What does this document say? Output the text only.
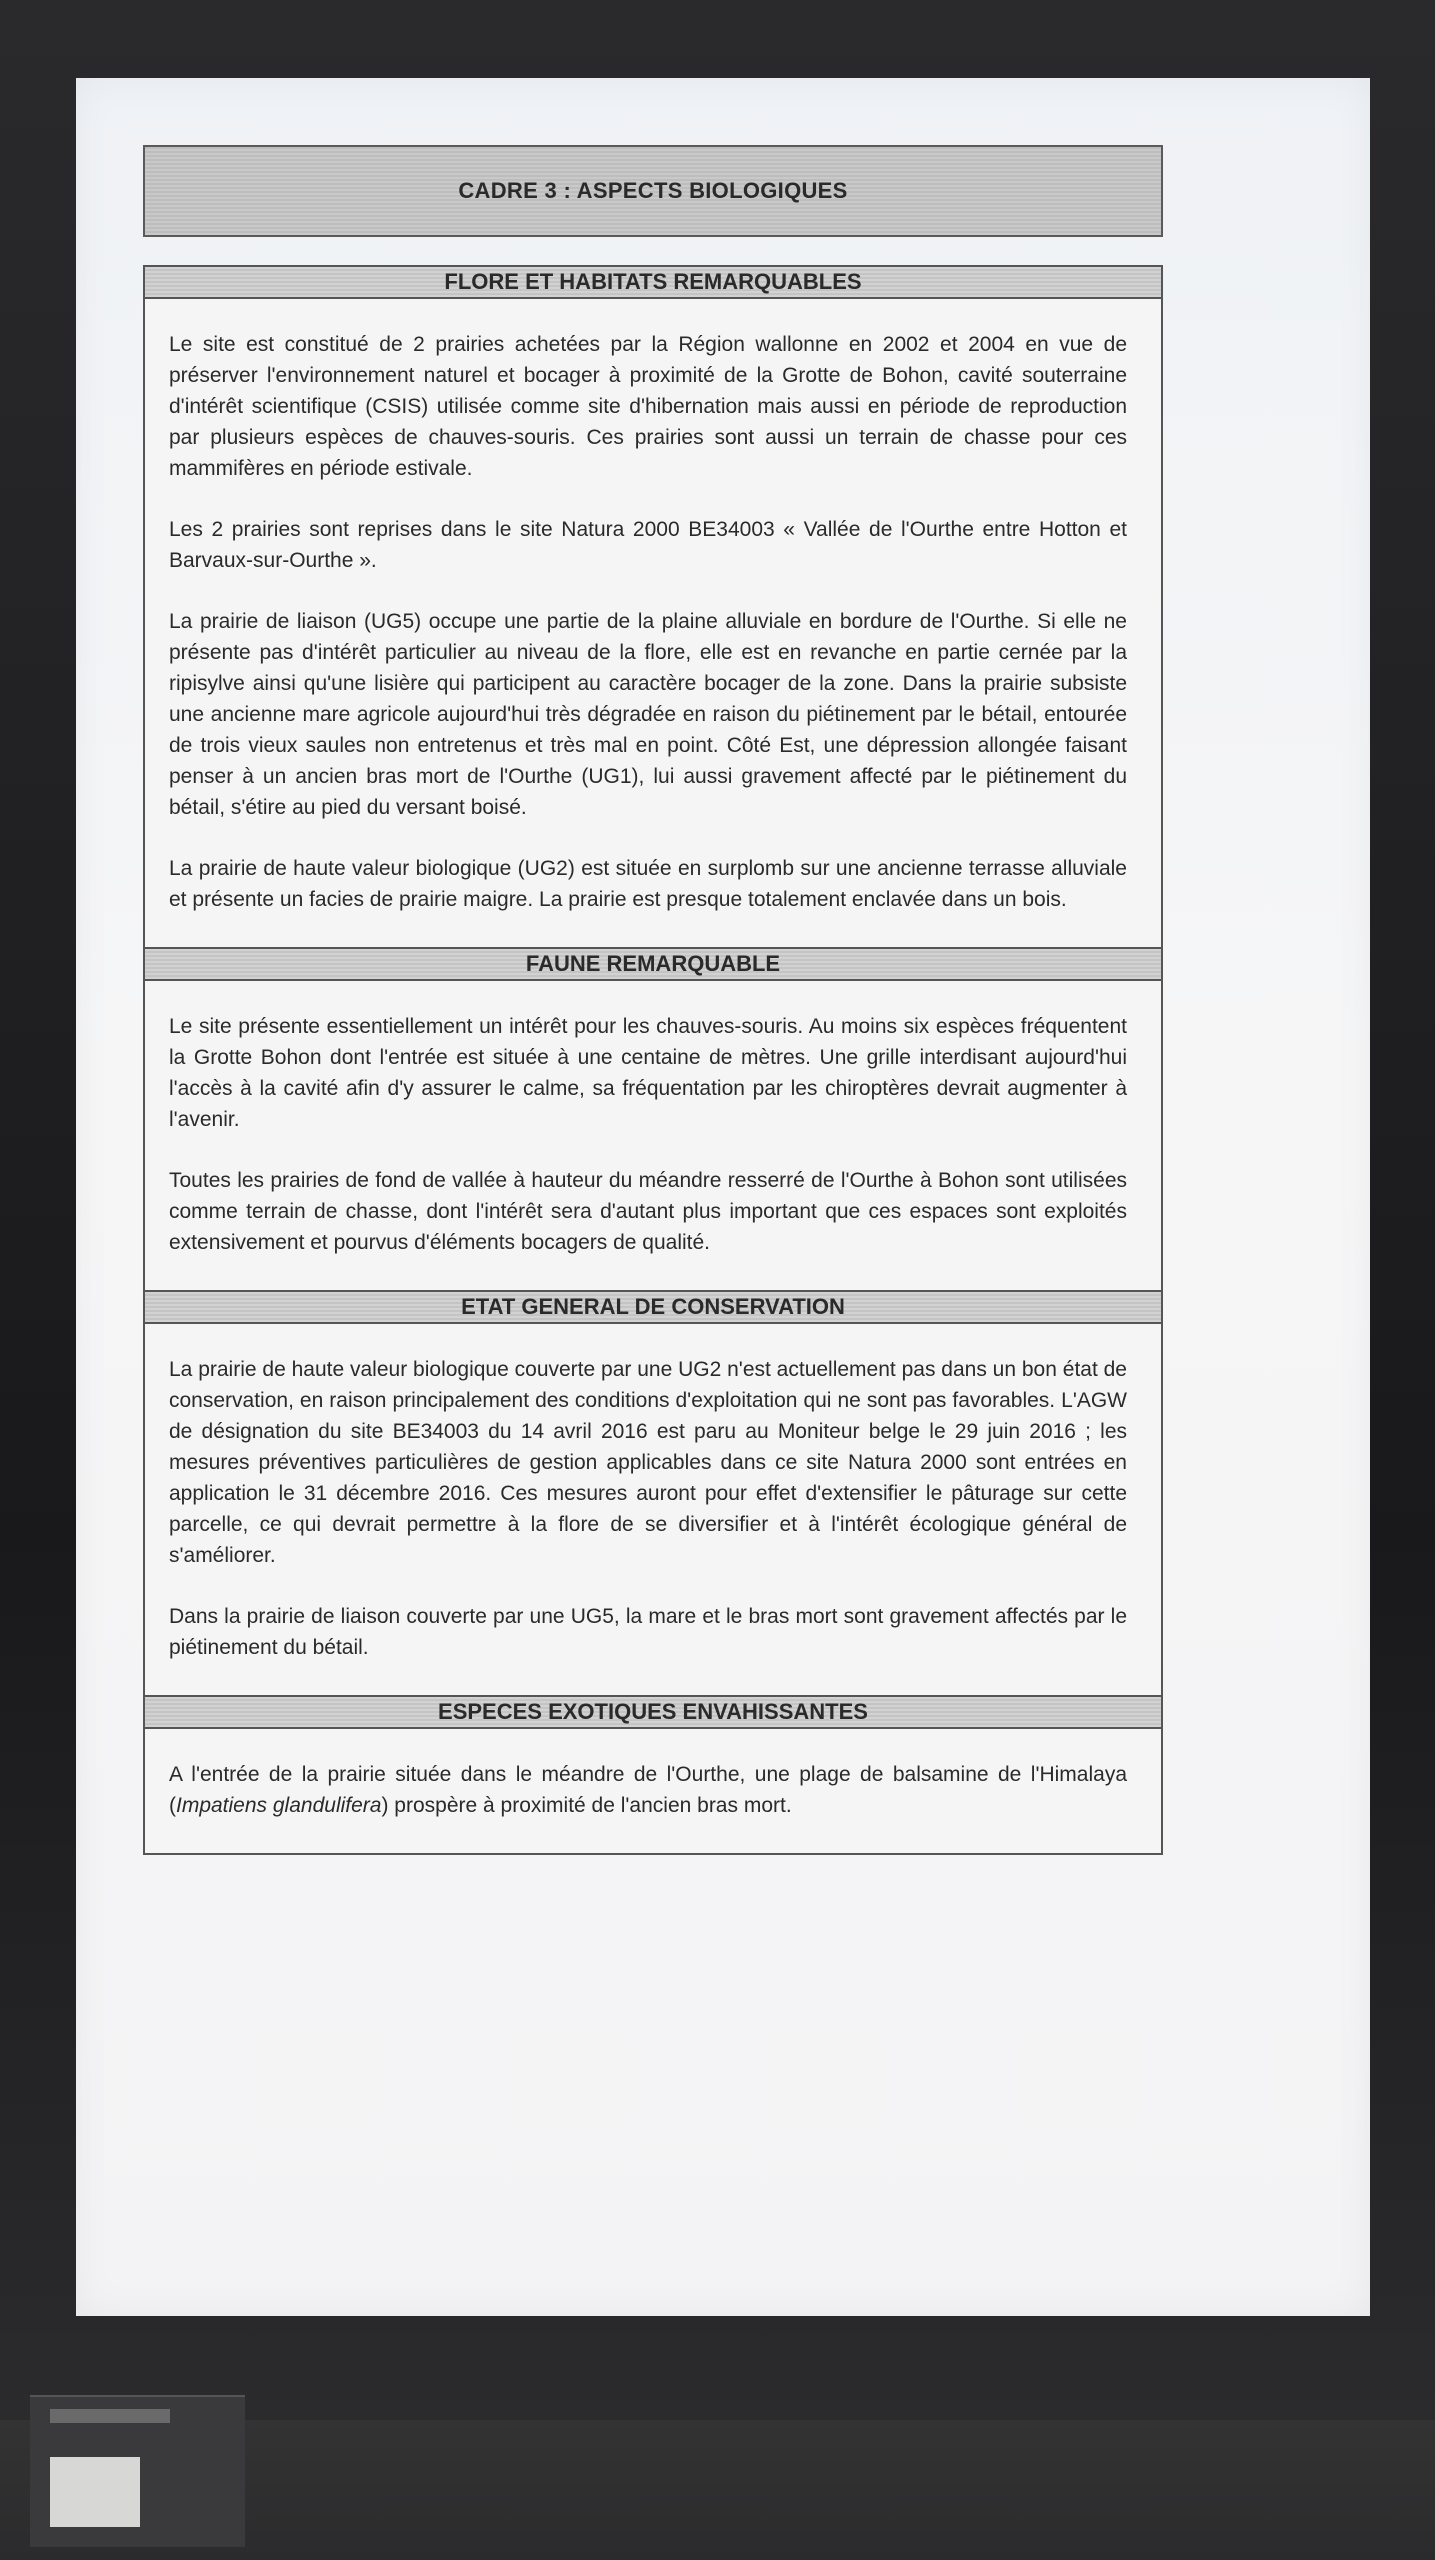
CADRE 3 : ASPECTS BIOLOGIQUES
FLORE ET HABITATS REMARQUABLES

Le site est constitué de 2 prairies achetées par la Région wallonne en 2002 et 2004 en vue de préserver l'environnement naturel et bocager à proximité de la Grotte de Bohon, cavité souterraine d'intérêt scientifique (CSIS) utilisée comme site d'hibernation mais aussi en période de reproduction par plusieurs espèces de chauves-souris. Ces prairies sont aussi un terrain de chasse pour ces mammifères en période estivale.

Les 2 prairies sont reprises dans le site Natura 2000 BE34003 « Vallée de l'Ourthe entre Hotton et Barvaux-sur-Ourthe ».

La prairie de liaison (UG5) occupe une partie de la plaine alluviale en bordure de l'Ourthe. Si elle ne présente pas d'intérêt particulier au niveau de la flore, elle est en revanche en partie cernée par la ripisylve ainsi qu'une lisière qui participent au caractère bocager de la zone. Dans la prairie subsiste une ancienne mare agricole aujourd'hui très dégradée en raison du piétinement par le bétail, entourée de trois vieux saules non entretenus et très mal en point. Côté Est, une dépression allongée faisant penser à un ancien bras mort de l'Ourthe (UG1), lui aussi gravement affecté par le piétinement du bétail, s'étire au pied du versant boisé.

La prairie de haute valeur biologique (UG2) est située en surplomb sur une ancienne terrasse alluviale et présente un facies de prairie maigre. La prairie est presque totalement enclavée dans un bois.

FAUNE REMARQUABLE

Le site présente essentiellement un intérêt pour les chauves-souris. Au moins six espèces fréquentent la Grotte Bohon dont l'entrée est située à une centaine de mètres. Une grille interdisant aujourd'hui l'accès à la cavité afin d'y assurer le calme, sa fréquentation par les chiroptères devrait augmenter à l'avenir.

Toutes les prairies de fond de vallée à hauteur du méandre resserré de l'Ourthe à Bohon sont utilisées comme terrain de chasse, dont l'intérêt sera d'autant plus important que ces espaces sont exploités extensivement et pourvus d'éléments bocagers de qualité.

ETAT GENERAL DE CONSERVATION

La prairie de haute valeur biologique couverte par une UG2 n'est actuellement pas dans un bon état de conservation, en raison principalement des conditions d'exploitation qui ne sont pas favorables. L'AGW de désignation du site BE34003 du 14 avril 2016 est paru au Moniteur belge le 29 juin 2016 ; les mesures préventives particulières de gestion applicables dans ce site Natura 2000 sont entrées en application le 31 décembre 2016. Ces mesures auront pour effet d'extensifier le pâturage sur cette parcelle, ce qui devrait permettre à la flore de se diversifier et à l'intérêt écologique général de s'améliorer.

Dans la prairie de liaison couverte par une UG5, la mare et le bras mort sont gravement affectés par le piétinement du bétail.

ESPECES EXOTIQUES ENVAHISSANTES

A l'entrée de la prairie située dans le méandre de l'Ourthe, une plage de balsamine de l'Himalaya (Impatiens glandulifera) prospère à proximité de l'ancien bras mort.
